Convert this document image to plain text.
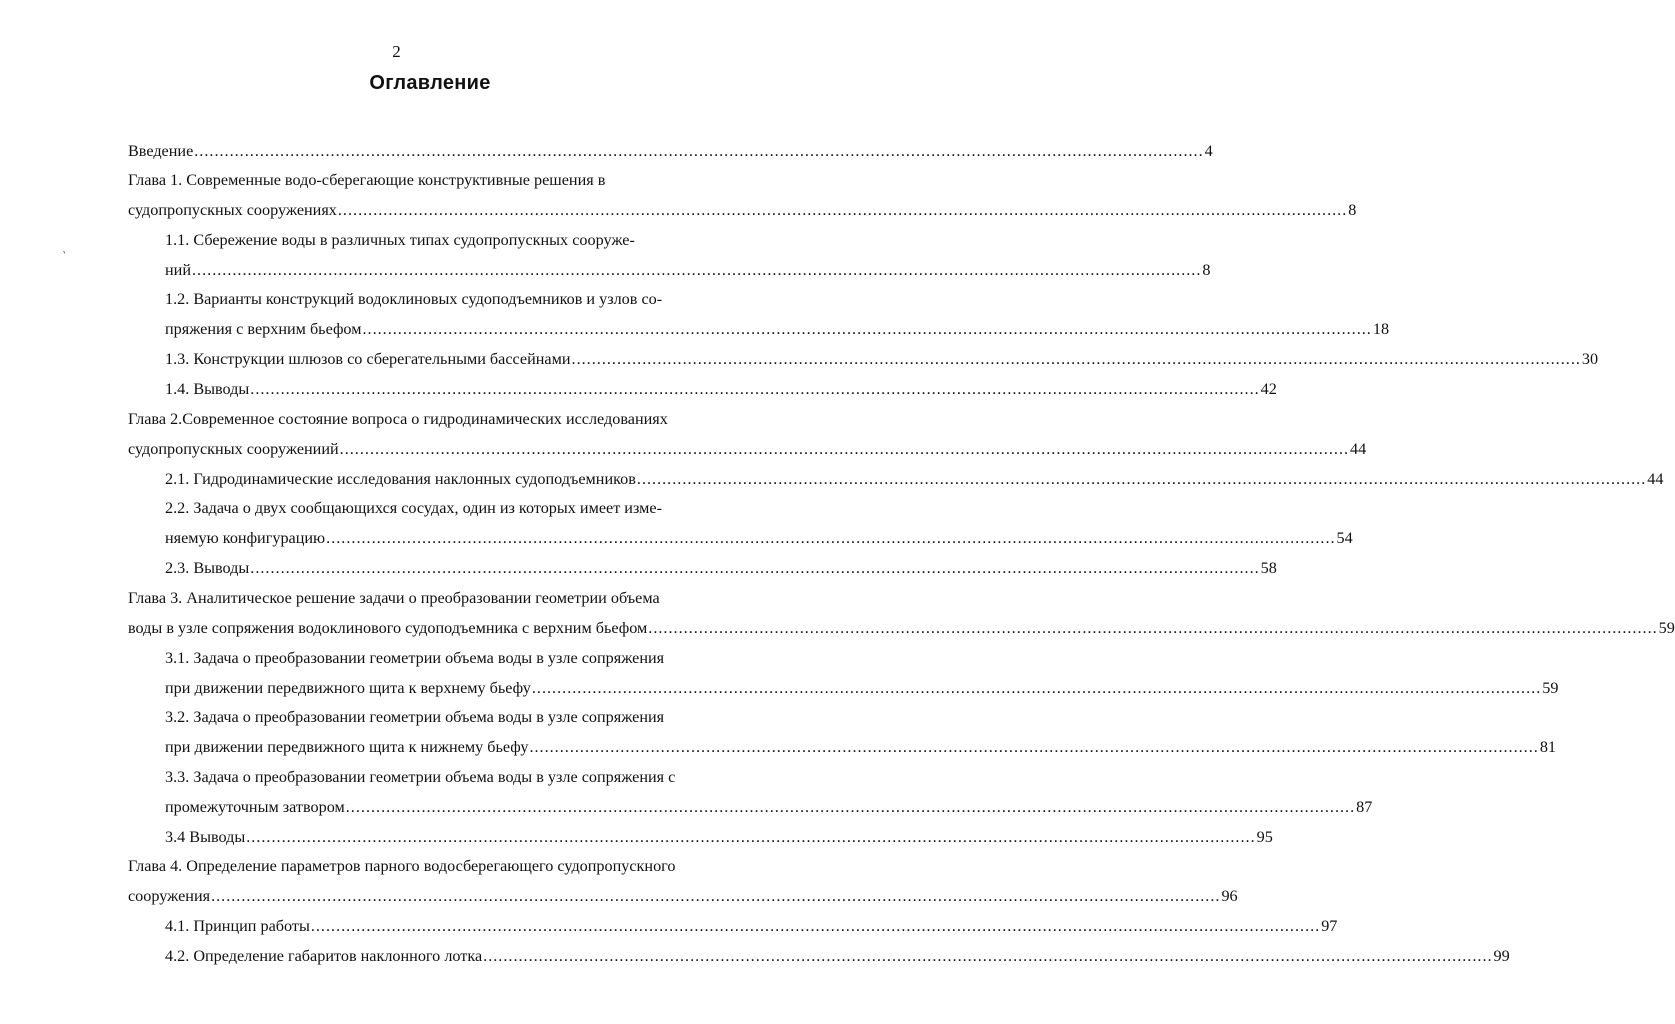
2
Оглавление
ˏ
Введение ........................................................................................................................................................................................................ 4
Глава 1. Современные водо-сберегающие конструктивные решения в
судопропускных сооружениях ........................................................................................................................................................................................................ 8
1.1. Сбережение воды в различных типах судопропускных сооруже-
ний ........................................................................................................................................................................................................ 8
1.2. Варианты конструкций водоклиновых судоподъемников и узлов со-
пряжения с верхним бьефом ........................................................................................................................................................................................................ 18
1.3. Конструкции шлюзов со сберегательными бассейнами ........................................................................................................................................................................................................ 30
1.4. Выводы ........................................................................................................................................................................................................ 42
Глава 2.Современное состояние вопроса о гидродинамических исследованиях
судопропускных сооружениий ........................................................................................................................................................................................................ 44
2.1. Гидродинамические исследования наклонных судоподъемников ........................................................................................................................................................................................................ 44
2.2. Задача о двух сообщающихся сосудах, один из которых имеет изме-
няемую конфигурацию ........................................................................................................................................................................................................ 54
2.3. Выводы ........................................................................................................................................................................................................ 58
Глава 3. Аналитическое решение задачи о преобразовании геометрии объема
воды в узле сопряжения водоклинового судоподъемника с верхним бьефом ........................................................................................................................................................................................................ 59
3.1. Задача о преобразовании геометрии объема воды в узле сопряжения
при движении передвижного щита к верхнему бьефу ........................................................................................................................................................................................................ 59
3.2. Задача о преобразовании геометрии объема воды в узле сопряжения
при движении передвижного щита к нижнему бьефу ........................................................................................................................................................................................................ 81
3.3. Задача о преобразовании геометрии объема воды в узле сопряжения с
промежуточным затвором ........................................................................................................................................................................................................ 87
3.4 Выводы ........................................................................................................................................................................................................ 95
Глава 4. Определение параметров парного водосберегающего судопропускного
сооружения ........................................................................................................................................................................................................ 96
4.1. Принцип работы ........................................................................................................................................................................................................ 97
4.2. Определение габаритов наклонного лотка ........................................................................................................................................................................................................ 99
